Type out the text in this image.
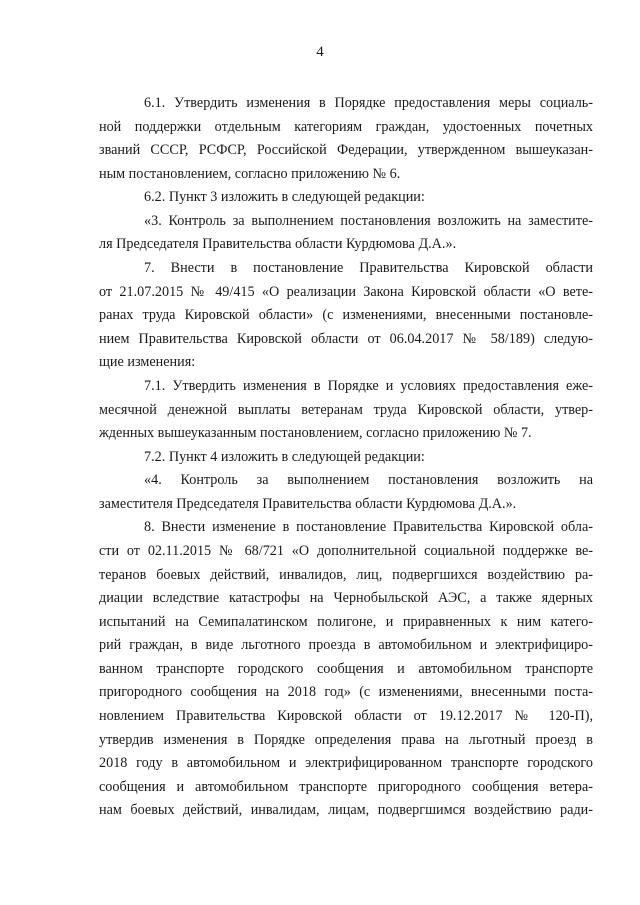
4
6.1. Утвердить изменения в Порядке предоставления меры социаль-
ной поддержки отдельным категориям граждан, удостоенных почетных
званий СССР, РСФСР, Российской Федерации, утвержденном вышеуказан-
ным постановлением, согласно приложению № 6.
6.2. Пункт 3 изложить в следующей редакции:
«3. Контроль за выполнением постановления возложить на заместите-
ля Председателя Правительства области Курдюмова Д.А.».
7. Внести в постановление Правительства Кировской области
от 21.07.2015 № 49/415 «О реализации Закона Кировской области «О вете-
ранах труда Кировской области» (с изменениями, внесенными постановле-
нием Правительства Кировской области от 06.04.2017 № 58/189) следую-
щие изменения:
7.1. Утвердить изменения в Порядке и условиях предоставления еже-
месячной денежной выплаты ветеранам труда Кировской области, утвер-
жденных вышеуказанным постановлением, согласно приложению № 7.
7.2. Пункт 4 изложить в следующей редакции:
«4. Контроль за выполнением постановления возложить на
заместителя Председателя Правительства области Курдюмова Д.А.».
8. Внести изменение в постановление Правительства Кировской обла-
сти от 02.11.2015 № 68/721 «О дополнительной социальной поддержке ве-
теранов боевых действий, инвалидов, лиц, подвергшихся воздействию ра-
диации вследствие катастрофы на Чернобыльской АЭС, а также ядерных
испытаний на Семипалатинском полигоне, и приравненных к ним катего-
рий граждан, в виде льготного проезда в автомобильном и электрифициро-
ванном транспорте городского сообщения и автомобильном транспорте
пригородного сообщения на 2018 год» (с изменениями, внесенными поста-
новлением Правительства Кировской области от 19.12.2017 № 120-П),
утвердив изменения в Порядке определения права на льготный проезд в
2018 году в автомобильном и электрифицированном транспорте городского
сообщения и автомобильном транспорте пригородного сообщения ветера-
нам боевых действий, инвалидам, лицам, подвергшимся воздействию ради-
